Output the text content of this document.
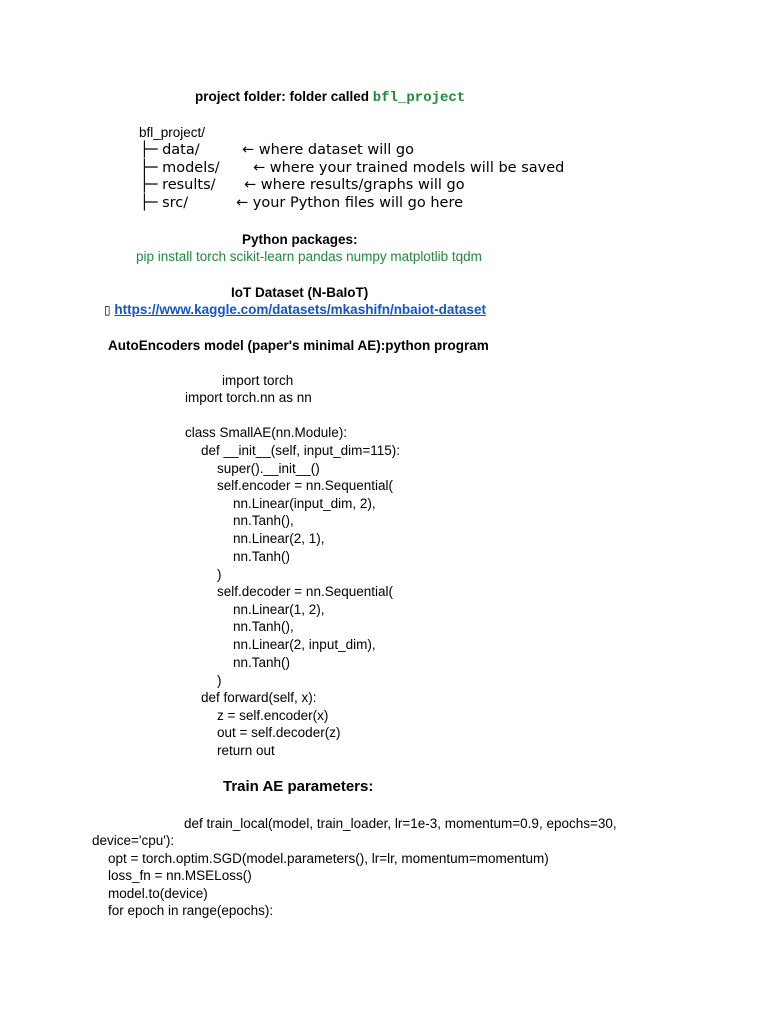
project folder: folder called bfl_project
bfl_project/
├─ data/	← where dataset will go
├─ models/ ← where your trained models will be saved
├─ results/ ← where results/graphs will go
├─ src/	← your Python files will go here
Python packages:
pip install torch scikit-learn pandas numpy matplotlib tqdm
IoT Dataset (N-BaIoT)
▯ https://www.kaggle.com/datasets/mkashifn/nbaiot-dataset
AutoEncoders model (paper's minimal AE):python program
import torch
import torch.nn as nn
class SmallAE(nn.Module):
def __init__(self, input_dim=115):
super().__init__()
self.encoder = nn.Sequential(
nn.Linear(input_dim, 2),
nn.Tanh(),
nn.Linear(2, 1),
nn.Tanh()
)
self.decoder = nn.Sequential(
nn.Linear(1, 2),
nn.Tanh(),
nn.Linear(2, input_dim),
nn.Tanh()
)
def forward(self, x):
z = self.encoder(x)
out = self.decoder(z)
return out
Train AE parameters:
def train_local(model, train_loader, lr=1e-3, momentum=0.9, epochs=30,
device='cpu'):
opt = torch.optim.SGD(model.parameters(), lr=lr, momentum=momentum)
loss_fn = nn.MSELoss()
model.to(device)
for epoch in range(epochs):
